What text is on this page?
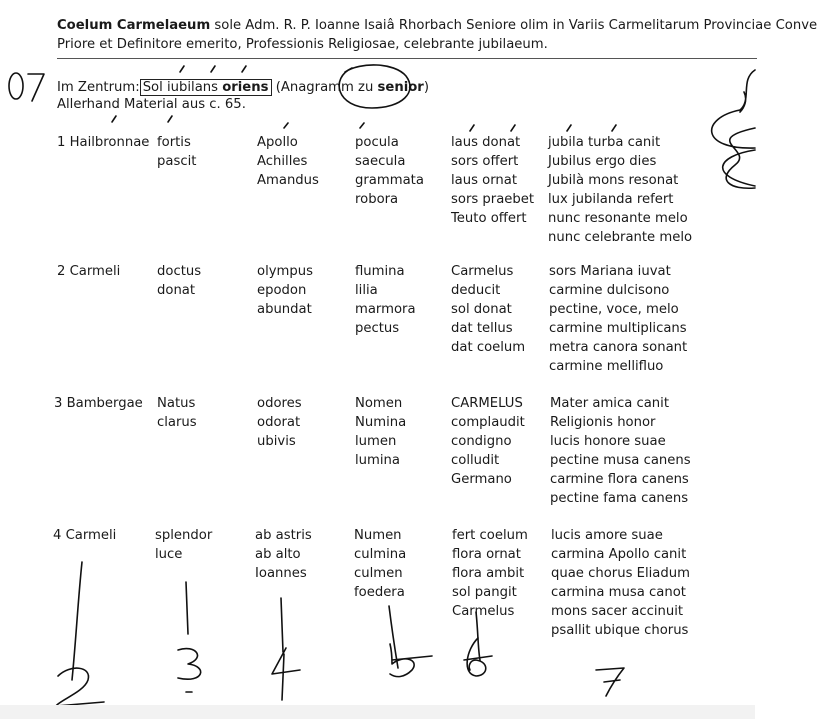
Coelum Carmelaeum sole Adm. R. P. Ioanne Isaiâ Rhorbach Seniore olim in Variis Carmelitarum Provinciae Conve
Priore et Definitore emerito, Professionis Religiosae, celebrante jubilaeum.
Im Zentrum: Sol iubilans oriens (Anagramm zu senior)
Allerhand Material aus c. 65.
1 Hailbronnae fortis
pascit
Apollo
Achilles
Amandus
pocula
saecula
grammata
robora
laus donat
sors offert
laus ornat
sors praebet
Teuto offert
jubila turba canit
Jubilus ergo dies
Jubilà mons resonat
lux jubilanda refert
nunc resonante melo
nunc celebrante melo
2 Carmeli	doctus
donat
olympus
epodon
abundat
flumina
lilia
marmora
pectus
Carmelus
deducit
sol donat
dat tellus
dat coelum
sors Mariana iuvat
carmine dulcisono
pectine, voce, melo
carmine multiplicans
metra canora sonant
carmine mellifluo
3 Bambergae Natus
clarus
odores
odorat
ubivis
Nomen
Numina
lumen
lumina
CARMELUS
complaudit
condigno
colludit
Germano
Mater amica canit
Religionis honor
lucis honore suae
pectine musa canens
carmine flora canens
pectine fama canens
4 Carmeli	splendor
luce
ab astris
ab alto
Ioannes
Numen
culmina
culmen
foedera
fert coelum
flora ornat
flora ambit
sol pangit
Carmelus
lucis amore suae
carmina Apollo canit
quae chorus Eliadum
carmina musa canot
mons sacer accinuit
psallit ubique chorus
